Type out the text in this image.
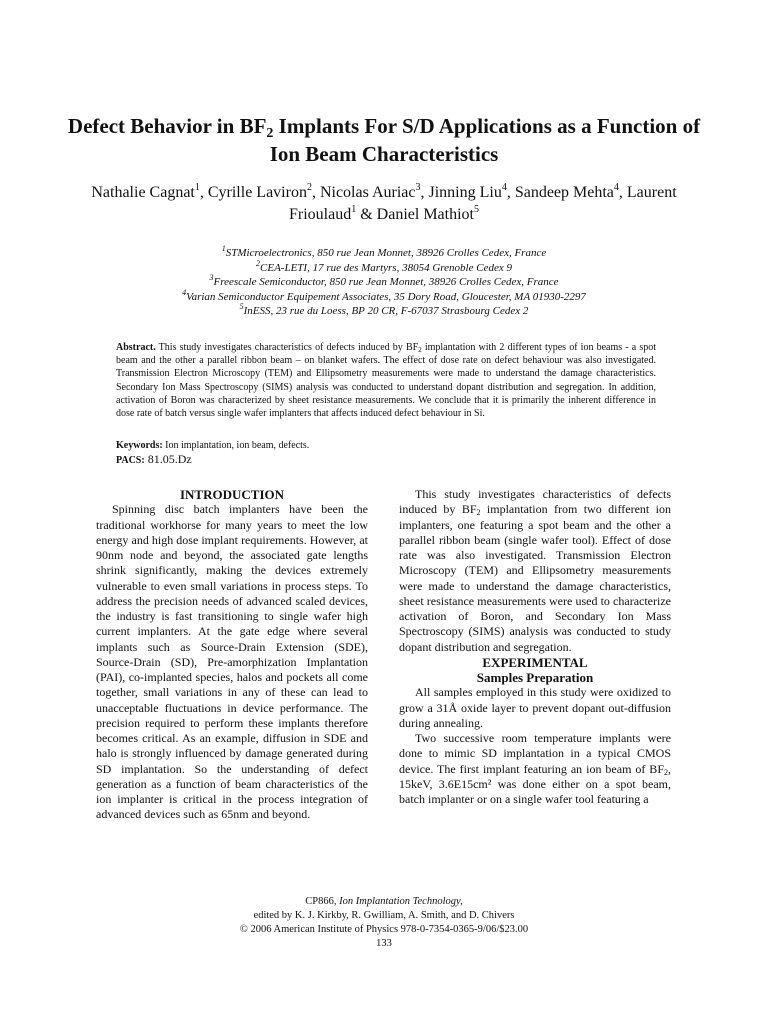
Defect Behavior in $BF_2$ Implants For S/D Applications as a Function of Ion Beam Characteristics
Nathalie Cagnat$^1$, Cyrille Laviron$^2$, Nicolas Auriac$^3$, Jinning Liu$^4$, Sandeep Mehta$^4$, Laurent Frioulaud$^1$ & Daniel Mathiot$^5$
$^1$STMicroelectronics, 850 rue Jean Monnet, 38926 Crolles Cedex, France
$^2$CEA-LETI, 17 rue des Martyrs, 38054 Grenoble Cedex 9
$^3$Freescale Semiconductor, 850 rue Jean Monnet, 38926 Crolles Cedex, France
$^4$Varian Semiconductor Equipement Associates, 35 Dory Road, Gloucester, MA 01930-2297
$^5$InESS, 23 rue du Loess, BP 20 CR, F-67037 Strasbourg Cedex 2
Abstract. This study investigates characteristics of defects induced by $BF_2$ implantation with 2 different types of ion beams - a spot beam and the other a parallel ribbon beam – on blanket wafers. The effect of dose rate on defect behaviour was also investigated. Transmission Electron Microscopy (TEM) and Ellipsometry measurements were made to understand the damage characteristics. Secondary Ion Mass Spectroscopy (SIMS) analysis was conducted to understand dopant distribution and segregation. In addition, activation of Boron was characterized by sheet resistance measurements. We conclude that it is primarily the inherent difference in dose rate of batch versus single wafer implanters that affects induced defect behaviour in Si.
Keywords: Ion implantation, ion beam, defects.
PACS: 81.05.Dz

INTRODUCTION

Spinning disc batch implanters have been the traditional workhorse for many years to meet the low energy and high dose implant requirements. However, at 90nm node and beyond, the associated gate lengths shrink significantly, making the devices extremely vulnerable to even small variations in process steps. To address the precision needs of advanced scaled devices, the industry is fast transitioning to single wafer high current implanters. At the gate edge where several implants such as Source-Drain Extension (SDE), Source-Drain (SD), Pre-amorphization Implantation (PAI), co-implanted species, halos and pockets all come together, small variations in any of these can lead to unacceptable fluctuations in device performance. The precision required to perform these implants therefore becomes critical. As an example, diffusion in SDE and halo is strongly influenced by damage generated during SD implantation. So the understanding of defect generation as a function of beam characteristics of the ion implanter is critical in the process integration of advanced devices such as 65nm and beyond.

This study investigates characteristics of defects induced by $BF_2$ implantation from two different ion implanters, one featuring a spot beam and the other a parallel ribbon beam (single wafer tool). Effect of dose rate was also investigated. Transmission Electron Microscopy (TEM) and Ellipsometry measurements were made to understand the damage characteristics, sheet resistance measurements were used to characterize activation of Boron, and Secondary Ion Mass Spectroscopy (SIMS) analysis was conducted to study dopant distribution and segregation.

EXPERIMENTAL

Samples Preparation

All samples employed in this study were oxidized to grow a 31Å oxide layer to prevent dopant out-diffusion during annealing.

Two successive room temperature implants were done to mimic SD implantation in a typical CMOS device. The first implant featuring an ion beam of $BF_2$, 15keV, 3.6E15cm² was done either on a spot beam, batch implanter or on a single wafer tool featuring a

CP866, Ion Implantation Technology,
edited by K. J. Kirkby, R. Gwilliam, A. Smith, and D. Chivers
© 2006 American Institute of Physics 978-0-7354-0365-9/06/$23.00
133
